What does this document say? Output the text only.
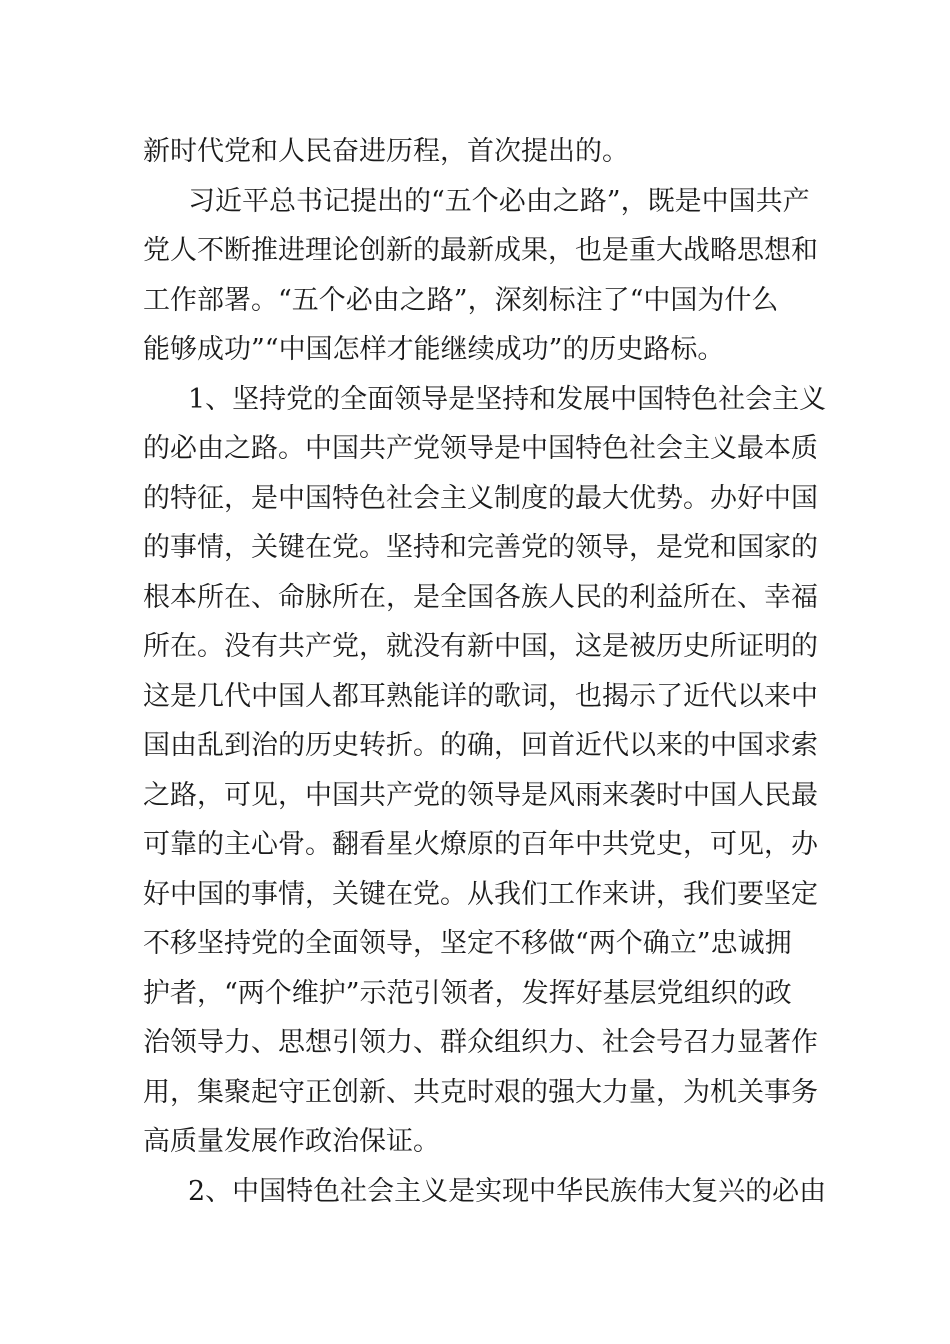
新时代党和人民奋进历程，首次提出的。
习近平总书记提出的“五个必由之路”，既是中国共产
党人不断推进理论创新的最新成果，也是重大战略思想和
工作部署。“五个必由之路”，深刻标注了“中国为什么
能够成功”“中国怎样才能继续成功”的历史路标。
1、坚持党的全面领导是坚持和发展中国特色社会主义
的必由之路。中国共产党领导是中国特色社会主义最本质
的特征，是中国特色社会主义制度的最大优势。办好中国
的事情，关键在党。坚持和完善党的领导，是党和国家的
根本所在、命脉所在，是全国各族人民的利益所在、幸福
所在。没有共产党，就没有新中国，这是被历史所证明的
这是几代中国人都耳熟能详的歌词，也揭示了近代以来中
国由乱到治的历史转折。的确，回首近代以来的中国求索
之路，可见，中国共产党的领导是风雨来袭时中国人民最
可靠的主心骨。翻看星火燎原的百年中共党史，可见，办
好中国的事情，关键在党。从我们工作来讲，我们要坚定
不移坚持党的全面领导，坚定不移做“两个确立”忠诚拥
护者，“两个维护”示范引领者，发挥好基层党组织的政
治领导力、思想引领力、群众组织力、社会号召力显著作
用，集聚起守正创新、共克时艰的强大力量，为机关事务
高质量发展作政治保证。
2、中国特色社会主义是实现中华民族伟大复兴的必由
